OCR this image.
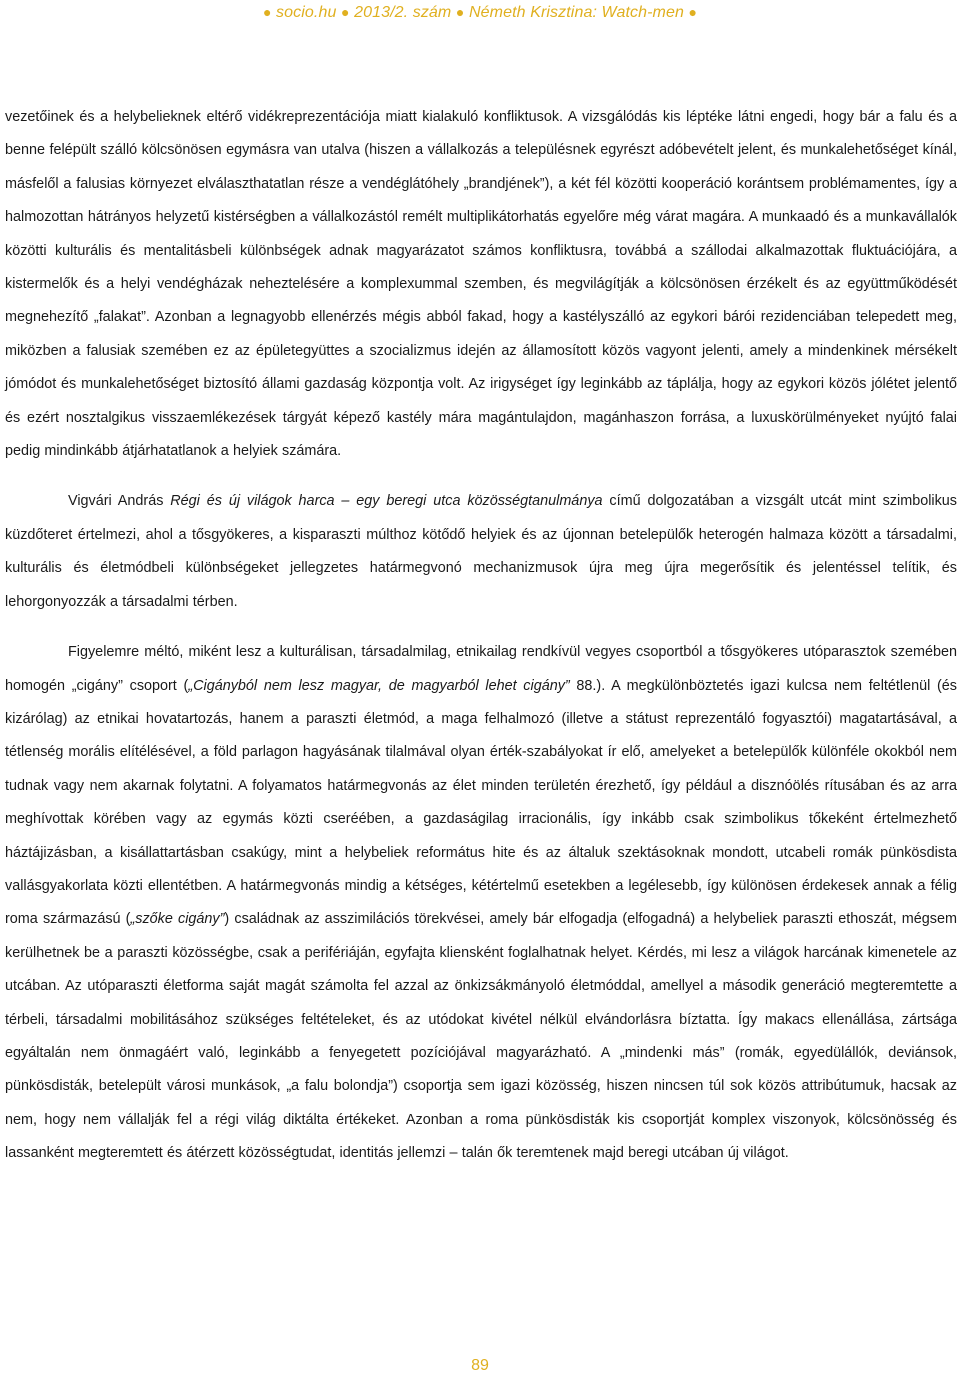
● socio.hu ● 2013/2. szám ● Németh Krisztina: Watch-men ●

vezetőinek és a helybelieknek eltérő vidékreprezentációja miatt kialakuló konfliktusok. A vizsgálódás kis léptéke látni engedi, hogy bár a falu és a benne felépült szálló kölcsönösen egymásra van utalva (hiszen a vállalkozás a településnek egyrészt adóbevételt jelent, és munkalehetőséget kínál, másfelől a falusias környezet elválaszthatatlan része a vendéglátóhely „brandjének”), a két fél közötti kooperáció korántsem problémamentes, így a halmozottan hátrányos helyzetű kistérségben a vállalkozástól remélt multiplikátorhatás egyelőre még várat magára. A munkaadó és a munkavállalók közötti kulturális és mentalitásbeli különbségek adnak magyarázatot számos konfliktusra, továbbá a szállodai alkalmazottak fluktuációjára, a kistermelők és a helyi vendégházak neheztelésére a komplexummal szemben, és megvilágítják a kölcsönösen érzékelt és az együttműködését megnehezítő „falakat”. Azonban a legnagyobb ellenérzés mégis abból fakad, hogy a kastélyszálló az egykori bárói rezidenciában telepedett meg, miközben a falusiak szemében ez az épületegyüttes a szocializmus idején az államosított közös vagyont jelenti, amely a mindenkinek mérsékelt jómódot és munkalehetőséget biztosító állami gazdaság központja volt. Az irigységet így leginkább az táplálja, hogy az egykori közös jólétet jelentő és ezért nosztalgikus visszaemlékezések tárgyát képező kastély mára magántulajdon, magánhaszon forrása, a luxuskörülményeket nyújtó falai pedig mindinkább átjárhatatlanok a helyiek számára.

Vigvári András Régi és új világok harca – egy beregi utca közösségtanulmánya című dolgozatában a vizsgált utcát mint szimbolikus küzdőteret értelmezi, ahol a tősgyökeres, a kisparaszti múlthoz kötődő helyiek és az újonnan betelepülők heterogén halmaza között a társadalmi, kulturális és életmódbeli különbségeket jellegzetes határmegvonó mechanizmusok újra meg újra megerősítik és jelentéssel telítik, és lehorgonyozzák a társadalmi térben.

Figyelemre méltó, miként lesz a kulturálisan, társadalmilag, etnikailag rendkívül vegyes csoportból a tősgyökeres utóparasztok szemében homogén „cigány” csoport („Cigányból nem lesz magyar, de magyarból lehet cigány” 88.). A megkülönböztetés igazi kulcsa nem feltétlenül (és kizárólag) az etnikai hovatartozás, hanem a paraszti életmód, a maga felhalmozó (illetve a státust reprezentáló fogyasztói) magatartásával, a tétlenség morális elítélésével, a föld parlagon hagyásának tilalmával olyan érték-szabályokat ír elő, amelyeket a betelepülők különféle okokból nem tudnak vagy nem akarnak folytatni. A folyamatos határmegvonás az élet minden területén érezhető, így például a disznóölés rítusában és az arra meghívottak körében vagy az egymás közti cseréében, a gazdaságilag irracionális, így inkább csak szimbolikus tőkeként értelmezhető háztájizásban, a kisállattartásban csakúgy, mint a helybeliek református hite és az általuk szektásoknak mondott, utcabeli romák pünkösdista vallásgyakorlata közti ellentétben. A határmegvonás mindig a kétséges, kétértelmű esetekben a legélesebb, így különösen érdekesek annak a félig roma származású („szőke cigány”) családnak az asszimilációs törekvései, amely bár elfogadja (elfogadná) a helybeliek paraszti ethoszát, mégsem kerülhetnek be a paraszti közösségbe, csak a perifériáján, egyfajta kliensként foglalhatnak helyet. Kérdés, mi lesz a világok harcának kimenetele az utcában. Az utóparaszti életforma saját magát számolta fel azzal az önkizsákmányoló életmóddal, amellyel a második generáció megteremtette a térbeli, társadalmi mobilitásához szükséges feltételeket, és az utódokat kivétel nélkül elvándorlásra bíztatta. Így makacs ellenállása, zártsága egyáltalán nem önmagáért való, leginkább a fenyegetett pozíciójával magyarázható. A „mindenki más” (romák, egyedülállók, deviánsok, pünkösdisták, betelepült városi munkások, „a falu bolondja”) csoportja sem igazi közösség, hiszen nincsen túl sok közös attribútumuk, hacsak az nem, hogy nem vállalják fel a régi világ diktálta értékeket. Azonban a roma pünkösdisták kis csoportját komplex viszonyok, kölcsönösség és lassanként megteremtett és átérzett közösségtudat, identitás jellemzi – talán ők teremtenek majd beregi utcában új világot.

89
